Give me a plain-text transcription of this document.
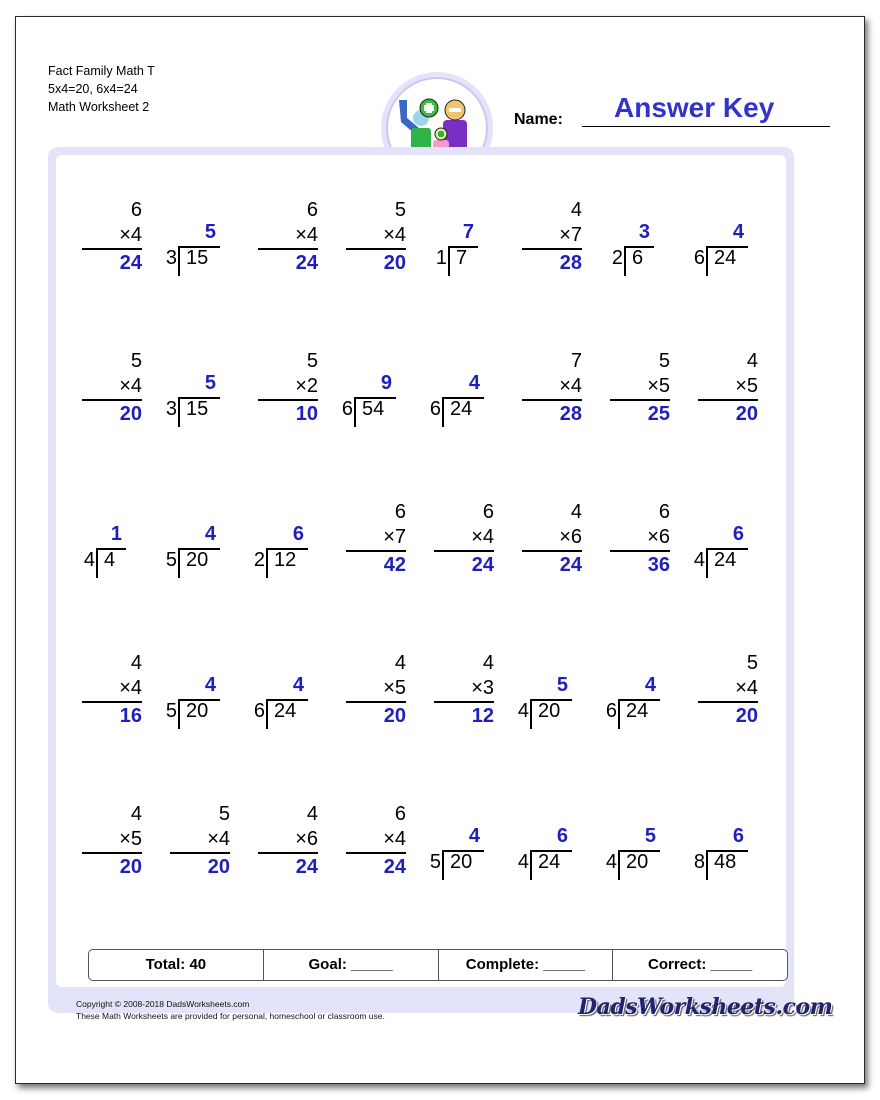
Fact Family Math T
5x4=20, 6x4=24
Math Worksheet 2
Name: Answer Key
6
×4
24
5
15
3
6
×4
24
5
×4
20
7
7
1
4
×7
28
3
6
2
4
24
6
5
×4
20
5
15
3
5
×2
10
9
54
6
4
24
6
7
×4
28
5
×5
25
4
×5
20
1
4
4
4
20
5
6
12
2
6
×7
42
6
×4
24
4
×6
24
6
×6
36
6
24
4
4
×4
16
4
20
5
4
24
6
4
×5
20
4
×3
12
5
20
4
4
24
6
5
×4
20
4
×5
20
5
×4
20
4
×6
24
6
×4
24
4
20
5
6
24
4
5
20
4
6
48
8
Total: 40	Goal: _____	Complete: _____	Correct: _____
Copyright © 2008-2018 DadsWorksheets.com
These Math Worksheets are provided for personal, homeschool or classroom use.	DadsWorksheets.com
